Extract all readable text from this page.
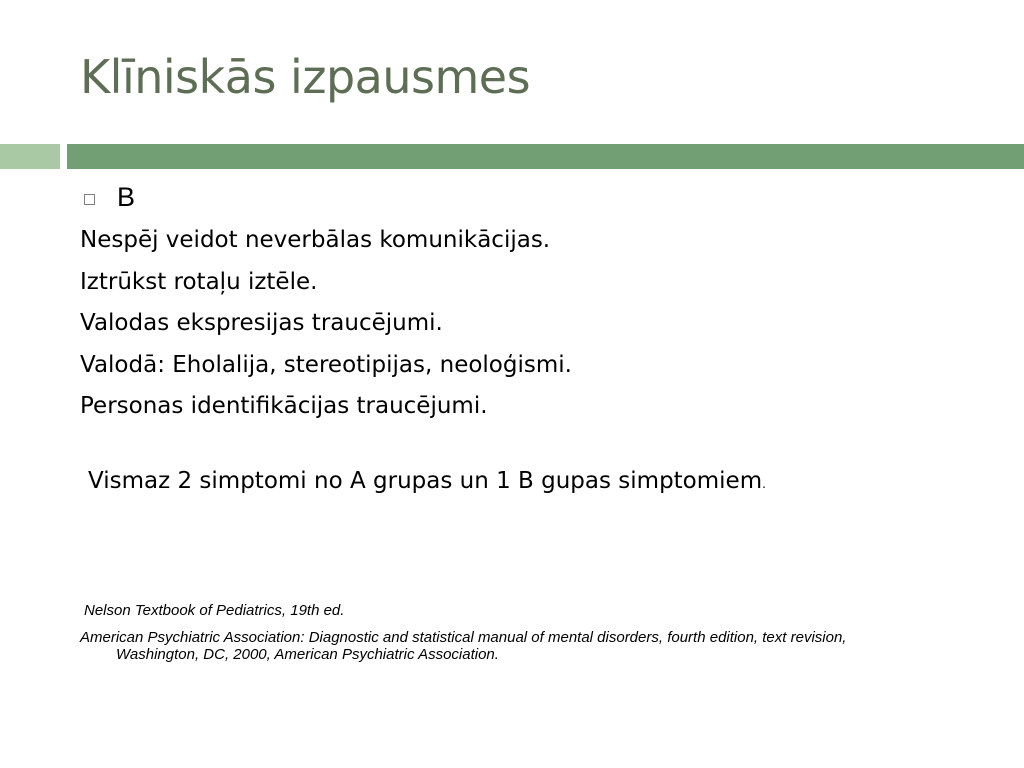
Klīniskās izpausmes
B
Nespēj veidot neverbālas komunikācijas.
Iztrūkst rotaļu iztēle.
Valodas ekspresijas traucējumi.
Valodā: Eholalija, stereotipijas, neoloģismi.
Personas identifikācijas traucējumi.
Vismaz 2 simptomi no A grupas un 1 B gupas simptomiem.
Nelson Textbook of Pediatrics, 19th ed.
American Psychiatric Association: Diagnostic and statistical manual of mental disorders, fourth edition, text revision, Washington, DC, 2000, American Psychiatric Association.
